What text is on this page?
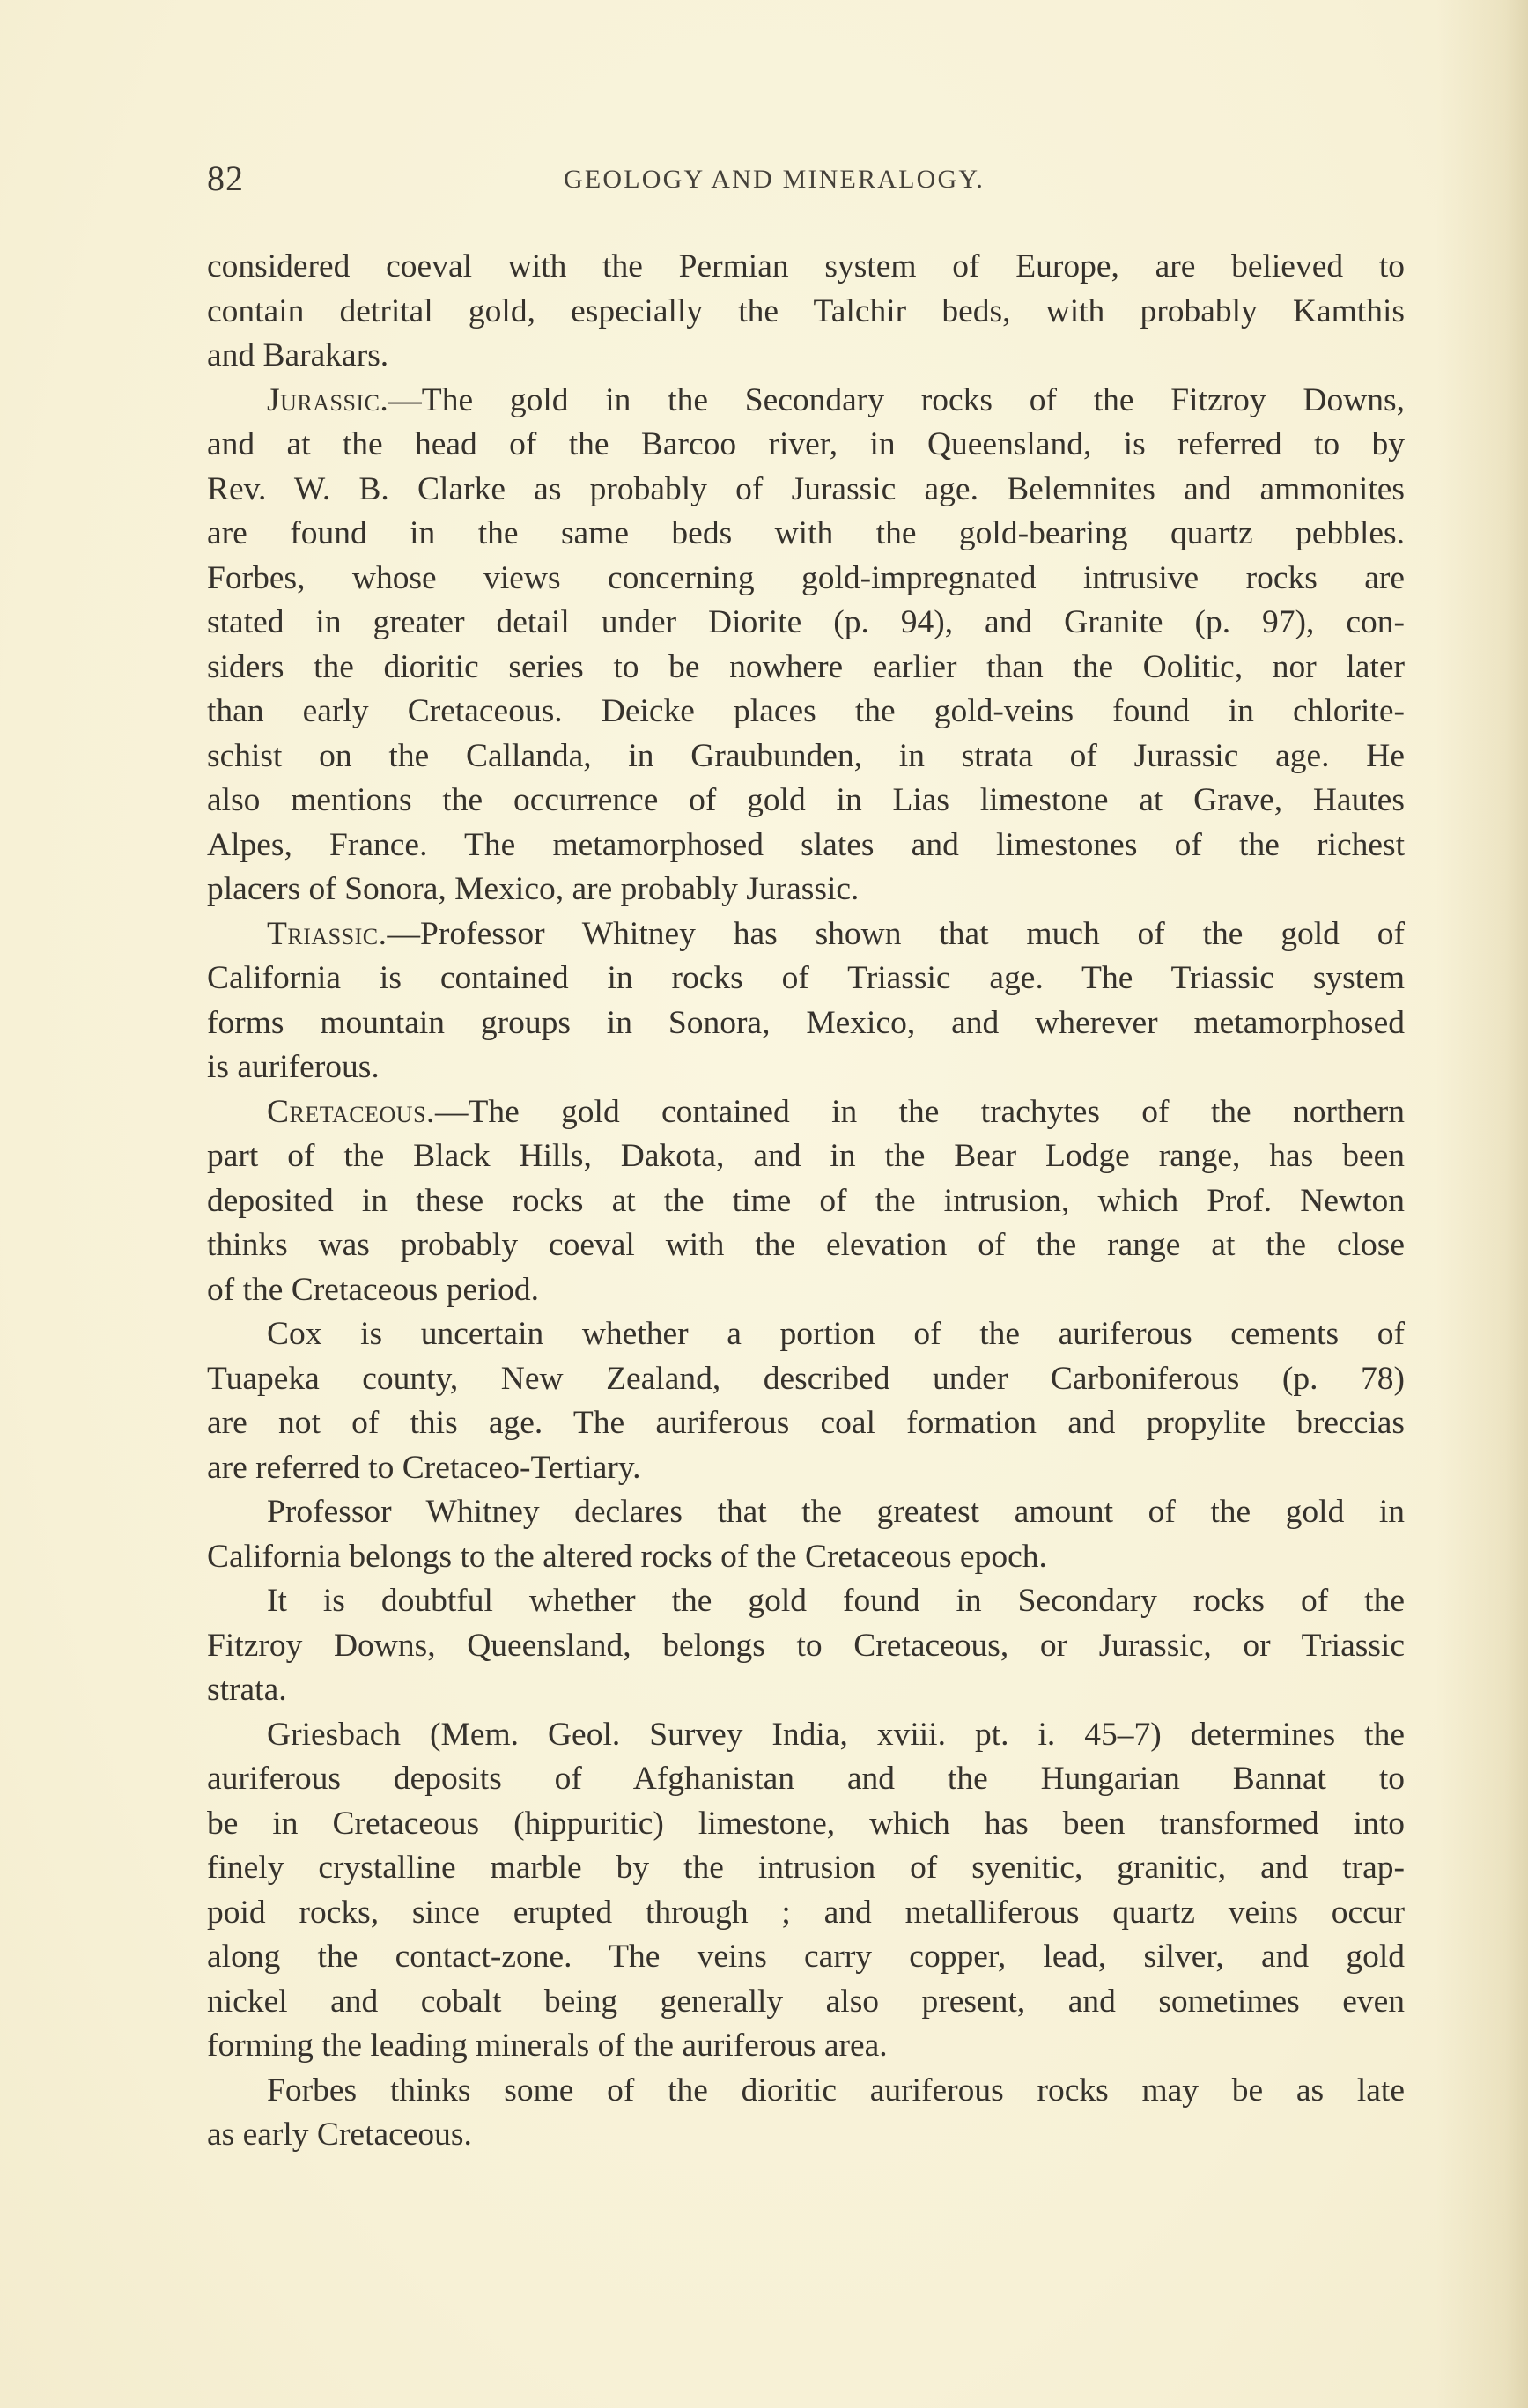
82	GEOLOGY AND MINERALOGY.
considered coeval with the Permian system of Europe, are believed to
contain detrital gold, especially the Talchir beds, with probably Kamthis
and Barakars.
Jurassic.—The gold in the Secondary rocks of the Fitzroy Downs,
and at the head of the Barcoo river, in Queensland, is referred to by
Rev. W. B. Clarke as probably of Jurassic age. Belemnites and ammonites
are found in the same beds with the gold-bearing quartz pebbles.
Forbes, whose views concerning gold-impregnated intrusive rocks are
stated in greater detail under Diorite (p. 94), and Granite (p. 97), con-
siders the dioritic series to be nowhere earlier than the Oolitic, nor later
than early Cretaceous. Deicke places the gold-veins found in chlorite-
schist on the Callanda, in Graubunden, in strata of Jurassic age. He
also mentions the occurrence of gold in Lias limestone at Grave, Hautes
Alpes, France. The metamorphosed slates and limestones of the richest
placers of Sonora, Mexico, are probably Jurassic.
Triassic.—Professor Whitney has shown that much of the gold of
California is contained in rocks of Triassic age. The Triassic system
forms mountain groups in Sonora, Mexico, and wherever metamorphosed
is auriferous.
Cretaceous.—The gold contained in the trachytes of the northern
part of the Black Hills, Dakota, and in the Bear Lodge range, has been
deposited in these rocks at the time of the intrusion, which Prof. Newton
thinks was probably coeval with the elevation of the range at the close
of the Cretaceous period.
Cox is uncertain whether a portion of the auriferous cements of
Tuapeka county, New Zealand, described under Carboniferous (p. 78)
are not of this age. The auriferous coal formation and propylite breccias
are referred to Cretaceo-Tertiary.
Professor Whitney declares that the greatest amount of the gold in
California belongs to the altered rocks of the Cretaceous epoch.
It is doubtful whether the gold found in Secondary rocks of the
Fitzroy Downs, Queensland, belongs to Cretaceous, or Jurassic, or Triassic
strata.
Griesbach (Mem. Geol. Survey India, xviii. pt. i. 45–7) determines the
auriferous deposits of Afghanistan and the Hungarian Bannat to
be in Cretaceous (hippuritic) limestone, which has been transformed into
finely crystalline marble by the intrusion of syenitic, granitic, and trap-
poid rocks, since erupted through ; and metalliferous quartz veins occur
along the contact-zone. The veins carry copper, lead, silver, and gold
nickel and cobalt being generally also present, and sometimes even
forming the leading minerals of the auriferous area.
Forbes thinks some of the dioritic auriferous rocks may be as late
as early Cretaceous.
